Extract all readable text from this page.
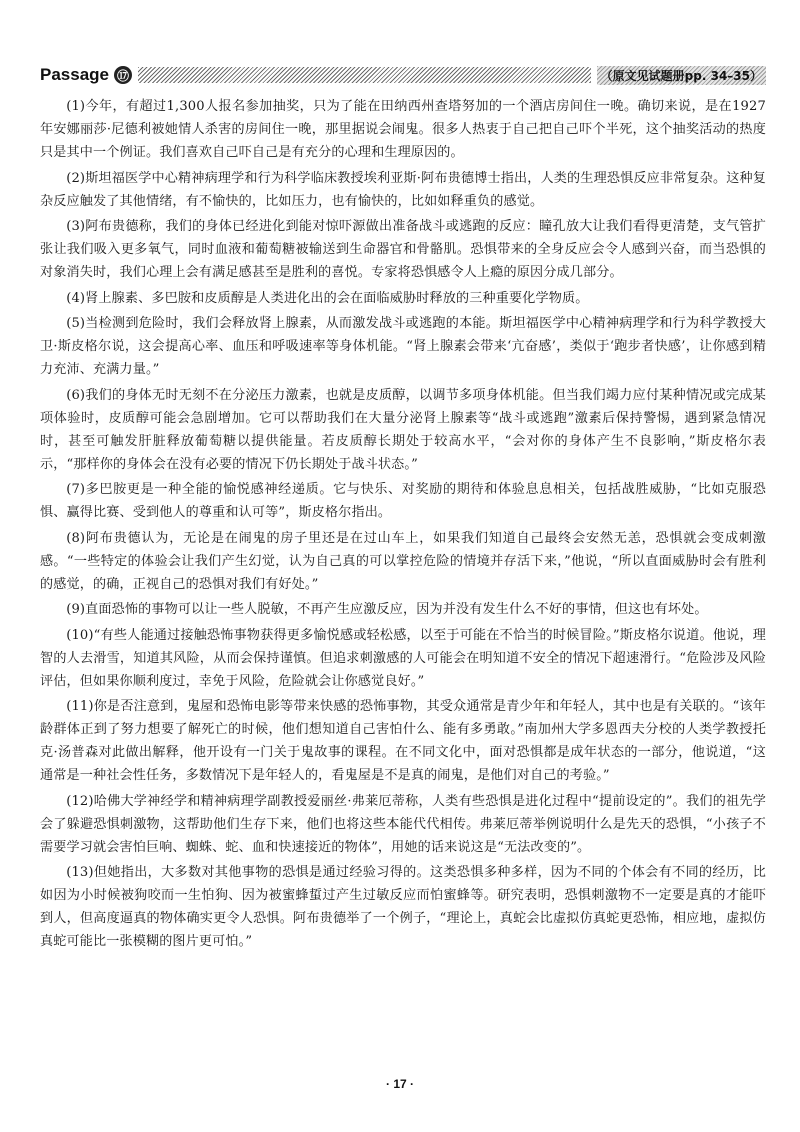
Passage ⑰	（原文见试题册pp. 34–35）

(1)今年，有超过1,300人报名参加抽奖，只为了能在田纳西州查塔努加的一个酒店房间住一晚。确切来说，是在1927年安娜丽莎·尼德利被她情人杀害的房间住一晚，那里据说会闹鬼。很多人热衷于自己把自己吓个半死，这个抽奖活动的热度只是其中一个例证。我们喜欢自己吓自己是有充分的心理和生理原因的。

(2)斯坦福医学中心精神病理学和行为科学临床教授埃利亚斯·阿布贵德博士指出，人类的生理恐惧反应非常复杂。这种复杂反应触发了其他情绪，有不愉快的，比如压力，也有愉快的，比如如释重负的感觉。

(3)阿布贵德称，我们的身体已经进化到能对惊吓源做出准备战斗或逃跑的反应：瞳孔放大让我们看得更清楚，支气管扩张让我们吸入更多氧气，同时血液和葡萄糖被输送到生命器官和骨骼肌。恐惧带来的全身反应会令人感到兴奋，而当恐惧的对象消失时，我们心理上会有满足感甚至是胜利的喜悦。专家将恐惧感令人上瘾的原因分成几部分。

(4)肾上腺素、多巴胺和皮质醇是人类进化出的会在面临威胁时释放的三种重要化学物质。

(5)当检测到危险时，我们会释放肾上腺素，从而激发战斗或逃跑的本能。斯坦福医学中心精神病理学和行为科学教授大卫·斯皮格尔说，这会提高心率、血压和呼吸速率等身体机能。“肾上腺素会带来‘亢奋感’，类似于‘跑步者快感’，让你感到精力充沛、充满力量。”

(6)我们的身体无时无刻不在分泌压力激素，也就是皮质醇，以调节多项身体机能。但当我们竭力应付某种情况或完成某项体验时，皮质醇可能会急剧增加。它可以帮助我们在大量分泌肾上腺素等“战斗或逃跑”激素后保持警惕，遇到紧急情况时，甚至可触发肝脏释放葡萄糖以提供能量。若皮质醇长期处于较高水平，“会对你的身体产生不良影响，”斯皮格尔表示，“那样你的身体会在没有必要的情况下仍长期处于战斗状态。”

(7)多巴胺更是一种全能的愉悦感神经递质。它与快乐、对奖励的期待和体验息息相关，包括战胜威胁，“比如克服恐惧、赢得比赛、受到他人的尊重和认可等”，斯皮格尔指出。

(8)阿布贵德认为，无论是在闹鬼的房子里还是在过山车上，如果我们知道自己最终会安然无恙，恐惧就会变成刺激感。“一些特定的体验会让我们产生幻觉，认为自己真的可以掌控危险的情境并存活下来，”他说，“所以直面威胁时会有胜利的感觉，的确，正视自己的恐惧对我们有好处。”

(9)直面恐怖的事物可以让一些人脱敏，不再产生应激反应，因为并没有发生什么不好的事情，但这也有坏处。

(10)“有些人能通过接触恐怖事物获得更多愉悦感或轻松感，以至于可能在不恰当的时候冒险。”斯皮格尔说道。他说，理智的人去滑雪，知道其风险，从而会保持谨慎。但追求刺激感的人可能会在明知道不安全的情况下超速滑行。“危险涉及风险评估，但如果你顺利度过，幸免于风险，危险就会让你感觉良好。”

(11)你是否注意到，鬼屋和恐怖电影等带来快感的恐怖事物，其受众通常是青少年和年轻人，其中也是有关联的。“该年龄群体正到了努力想要了解死亡的时候，他们想知道自己害怕什么、能有多勇敢。”南加州大学多恩西夫分校的人类学教授托克·汤普森对此做出解释，他开设有一门关于鬼故事的课程。在不同文化中，面对恐惧都是成年状态的一部分，他说道，“这通常是一种社会性任务，多数情况下是年轻人的，看鬼屋是不是真的闹鬼，是他们对自己的考验。”

(12)哈佛大学神经学和精神病理学副教授爱丽丝·弗莱厄蒂称，人类有些恐惧是进化过程中“提前设定的”。我们的祖先学会了躲避恐惧刺激物，这帮助他们生存下来，他们也将这些本能代代相传。弗莱厄蒂举例说明什么是先天的恐惧，“小孩子不需要学习就会害怕巨响、蜘蛛、蛇、血和快速接近的物体”，用她的话来说这是“无法改变的”。

(13)但她指出，大多数对其他事物的恐惧是通过经验习得的。这类恐惧多种多样，因为不同的个体会有不同的经历，比如因为小时候被狗咬而一生怕狗、因为被蜜蜂蜇过产生过敏反应而怕蜜蜂等。研究表明，恐惧刺激物不一定要是真的才能吓到人，但高度逼真的物体确实更令人恐惧。阿布贵德举了一个例子，“理论上，真蛇会比虚拟仿真蛇更恐怖，相应地，虚拟仿真蛇可能比一张模糊的图片更可怕。”

· 17 ·
